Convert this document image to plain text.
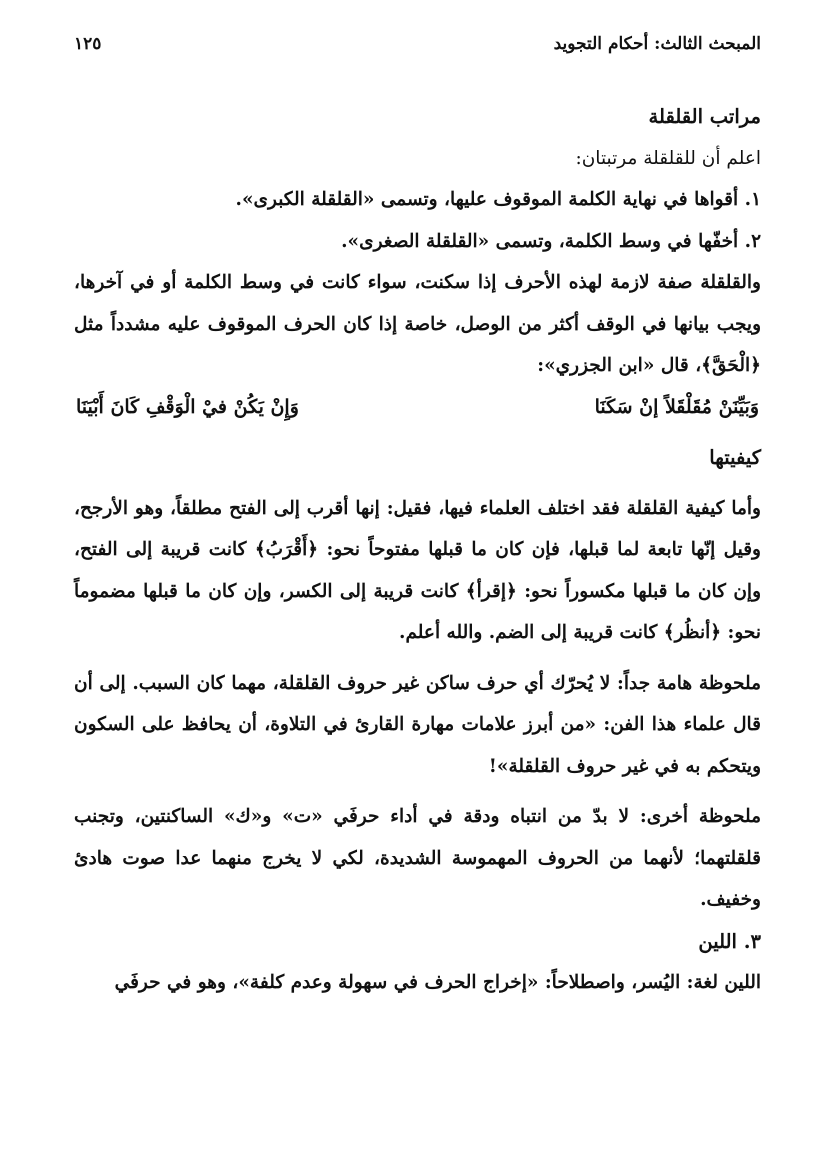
المبحث الثالث: أحكام التجويد
١٢٥

مراتب القلقلة

اعلم أن للقلقلة مرتبتان:

١. أقواها في نهاية الكلمة الموقوف عليها، وتسمى «القلقلة الكبرى».

٢. أخفّها في وسط الكلمة، وتسمى «القلقلة الصغرى».

والقلقلة صفة لازمة لهذه الأحرف إذا سكنت، سواء كانت في وسط الكلمة أو في آخرها، ويجب بيانها في الوقف أكثر من الوصل، خاصة إذا كان الحرف الموقوف عليه مشدداً مثل ﴿الْحَقَّ﴾، قال «ابن الجزري»:

وَبَيِّنَنْ مُقَلْقَلاً إنْ سَكَنَا
وَإِنْ يَكُنْ فيْ الْوَقْفِ كَانَ أَبْيَنَا

كيفيتها

وأما كيفية القلقلة فقد اختلف العلماء فيها، فقيل: إنها أقرب إلى الفتح مطلقاً، وهو الأرجح، وقيل إنّها تابعة لما قبلها، فإن كان ما قبلها مفتوحاً نحو: ﴿أَقْرَبُ﴾ كانت قريبة إلى الفتح، وإن كان ما قبلها مكسوراً نحو: ﴿إقرأ﴾ كانت قريبة إلى الكسر، وإن كان ما قبلها مضموماً نحو: ﴿أنظُر﴾ كانت قريبة إلى الضم. والله أعلم.

ملحوظة هامة جداً: لا يُحرّك أي حرف ساكن غير حروف القلقلة، مهما كان السبب. إلى أن قال علماء هذا الفن: «من أبرز علامات مهارة القارئ في التلاوة، أن يحافظ على السكون ويتحكم به في غير حروف القلقلة»!

ملحوظة أخرى: لا بدّ من انتباه ودقة في أداء حرفَي «ت» و«ك» الساكنتين، وتجنب قلقلتهما؛ لأنهما من الحروف المهموسة الشديدة، لكي لا يخرج منهما عدا صوت هادئ وخفيف.

٣. اللين

اللين لغة: اليُسر، واصطلاحاً: «إخراج الحرف في سهولة وعدم كلفة»، وهو في حرفَي
